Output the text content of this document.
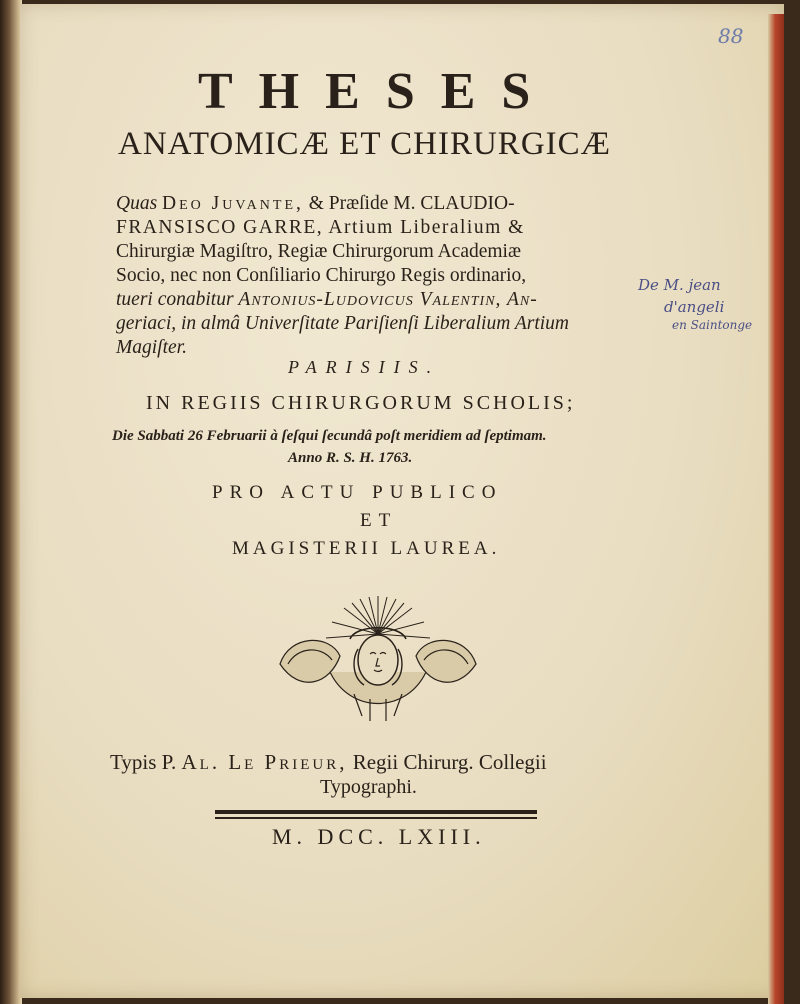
88
THESES
ANATOMICÆ ET CHIRURGICÆ
Quas Deo Juvante, & Præſide M. CLAUDIO-
FRANSISCO GARRE, Artium Liberalium &
Chirurgiæ Magiſtro, Regiæ Chirurgorum Academiæ
Socio, nec non Conſiliario Chirurgo Regis ordinario,
tueri conabitur Antonius-Ludovicus Valentin, An-
geriaci, in almâ Univerſitate Pariſienſi Liberalium Artium
Magiſter.
PARISIIS.
IN REGIIS CHIRURGORUM SCHOLIS;
Die Sabbati 26 Februarii à ſeſqui ſecundâ poſt meridiem ad ſeptimam.
Anno R. S. H. 1763.
PRO ACTU PUBLICO
ET
MAGISTERII LAUREA.
Typis P. Al. Le Prieur, Regii Chirurg. Collegii
Typographi.
M. DCC. LXIII.
De M. jean
d'angeli
en Saintonge
